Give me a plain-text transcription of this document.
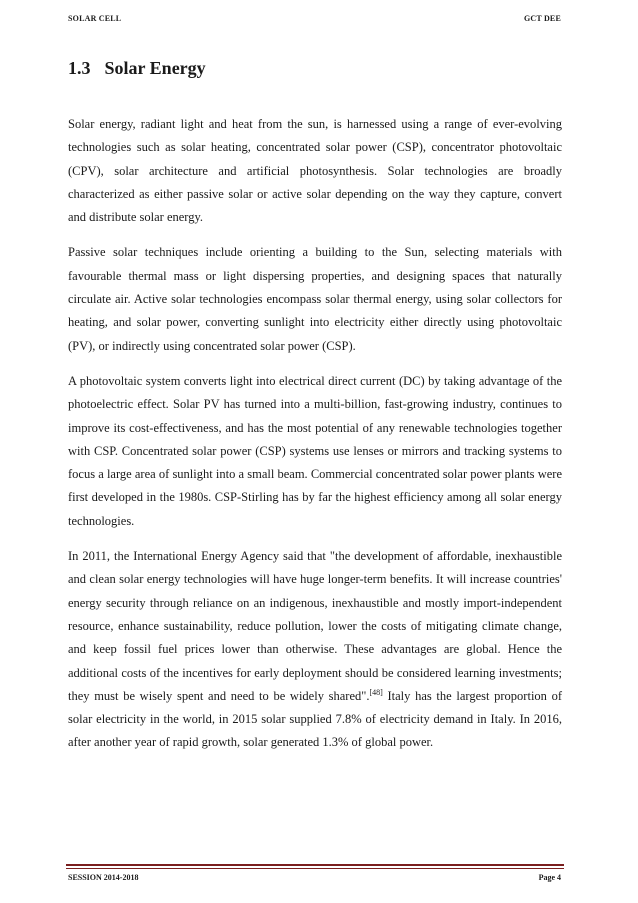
SOLAR CELL	GCT DEE
1.3 Solar Energy

Solar energy, radiant light and heat from the sun, is harnessed using a range of ever-evolving technologies such as solar heating, concentrated solar power (CSP), concentrator photovoltaic (CPV), solar architecture and artificial photosynthesis. Solar technologies are broadly characterized as either passive solar or active solar depending on the way they capture, convert and distribute solar energy.

Passive solar techniques include orienting a building to the Sun, selecting materials with favourable thermal mass or light dispersing properties, and designing spaces that naturally circulate air. Active solar technologies encompass solar thermal energy, using solar collectors for heating, and solar power, converting sunlight into electricity either directly using photovoltaic (PV), or indirectly using concentrated solar power (CSP).

A photovoltaic system converts light into electrical direct current (DC) by taking advantage of the photoelectric effect. Solar PV has turned into a multi-billion, fast-growing industry, continues to improve its cost-effectiveness, and has the most potential of any renewable technologies together with CSP. Concentrated solar power (CSP) systems use lenses or mirrors and tracking systems to focus a large area of sunlight into a small beam. Commercial concentrated solar power plants were first developed in the 1980s. CSP-Stirling has by far the highest efficiency among all solar energy technologies.

In 2011, the International Energy Agency said that "the development of affordable, inexhaustible and clean solar energy technologies will have huge longer-term benefits. It will increase countries' energy security through reliance on an indigenous, inexhaustible and mostly import-independent resource, enhance sustainability, reduce pollution, lower the costs of mitigating climate change, and keep fossil fuel prices lower than otherwise. These advantages are global. Hence the additional costs of the incentives for early deployment should be considered learning investments; they must be wisely spent and need to be widely shared".[48] Italy has the largest proportion of solar electricity in the world, in 2015 solar supplied 7.8% of electricity demand in Italy. In 2016, after another year of rapid growth, solar generated 1.3% of global power.

SESSION 2014-2018	Page 4
